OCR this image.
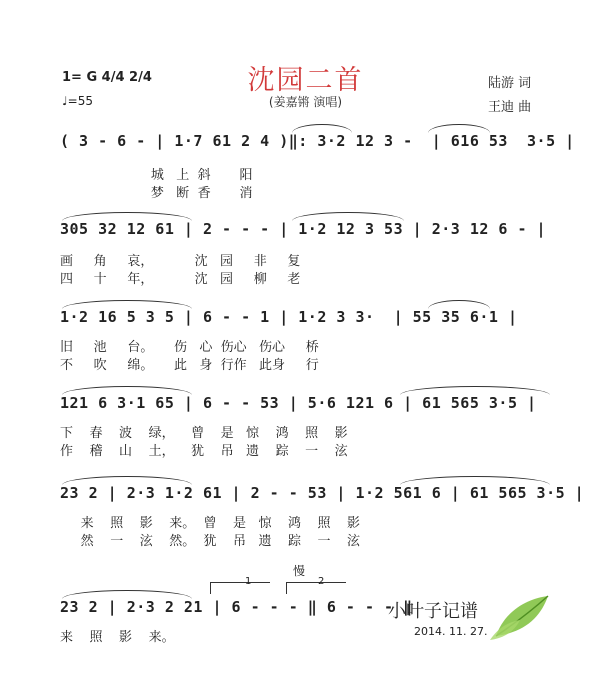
沈园二首
(姜嘉锵 演唱)
1= G 4/4 2/4
♩=55
陆游 词
王迪 曲
( 3 - 6 - | 1·7 61 2 4 )‖: 3·2 12 3 -  | 616 53  3·5 |
城   上  斜       阳
梦   断  香       消
305 32 12 61 | 2 - - - | 1·2 12 3 53 | 2·3 12 6 - |
画     角     哀，          沈   园     非     复
四     十     年，          沈   园     柳     老
1·2 16 5 3 5 | 6 - - 1 | 1·2 3 3·  | 55 35 6·1 |
旧     池     台。     伤   心  伤心   伤心     桥
不     吹     绵。     此   身  行作   此身     行
121 6 3·1 65 | 6 - - 53 | 5·6 121 6 | 61 565 3·5 |
下    春    波    绿，    曾    是   惊    鸿    照    影
作    稽    山    土，    犹    吊   遗    踪    一    泫
23 2 | 2·3 1·2 61 | 2 - - 53 | 1·2 561 6 | 61 565 3·5 |
来    照    影    来。  曾    是   惊    鸿    照    影
然    一    泫    然。  犹    吊   遗    踪    一    泫
1	2
慢
23 2 | 2·3 2 21 | 6 - - - ‖ 6 - - - ‖
来    照    影    来。
小叶子记谱
2014. 11. 27.
